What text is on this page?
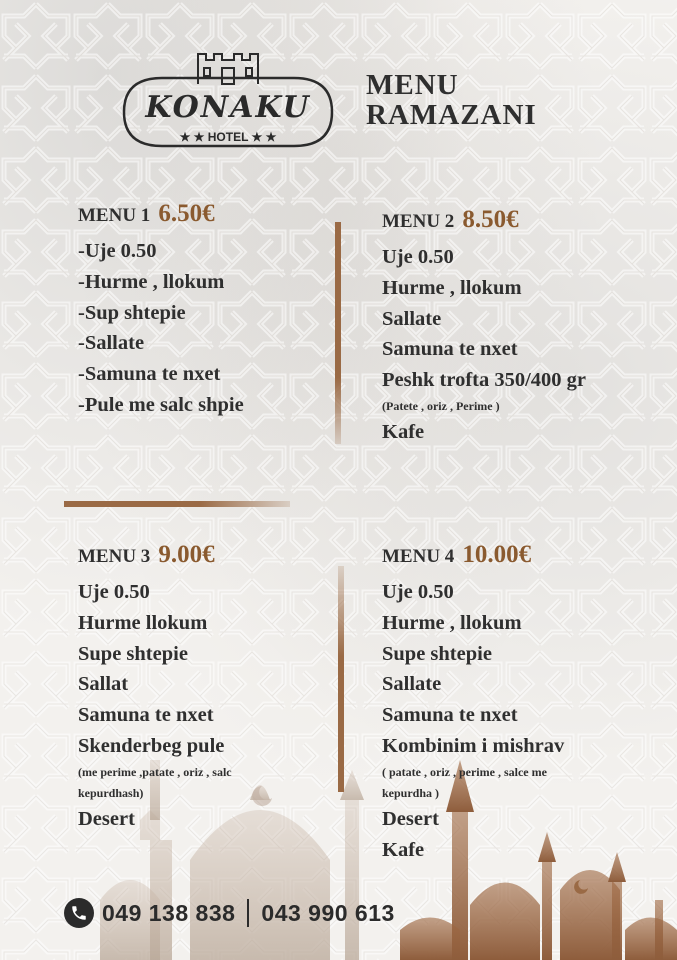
KONAKU
★ ★ HOTEL ★ ★
MENU
RAMAZANI
MENU 1 6.50€
-Uje 0.50
-Hurme , llokum
-Sup shtepie
-Sallate
-Samuna te nxet
-Pule me salc shpie
MENU 2 8.50€
Uje 0.50
Hurme , llokum
Sallate
Samuna te nxet
Peshk trofta 350/400 gr
(Patete , oriz , Perime )
Kafe
MENU 3 9.00€
Uje 0.50
Hurme llokum
Supe shtepie
Sallat
Samuna te nxet
Skenderbeg pule
(me perime ,patate , oriz , salc kepurdhash)
Desert
MENU 4 10.00€
Uje 0.50
Hurme , llokum
Supe shtepie
Sallate
Samuna te nxet
Kombinim i mishrav
( patate , oriz , perime , salce me kepurdha )
Desert
Kafe
049 138 838 043 990 613
